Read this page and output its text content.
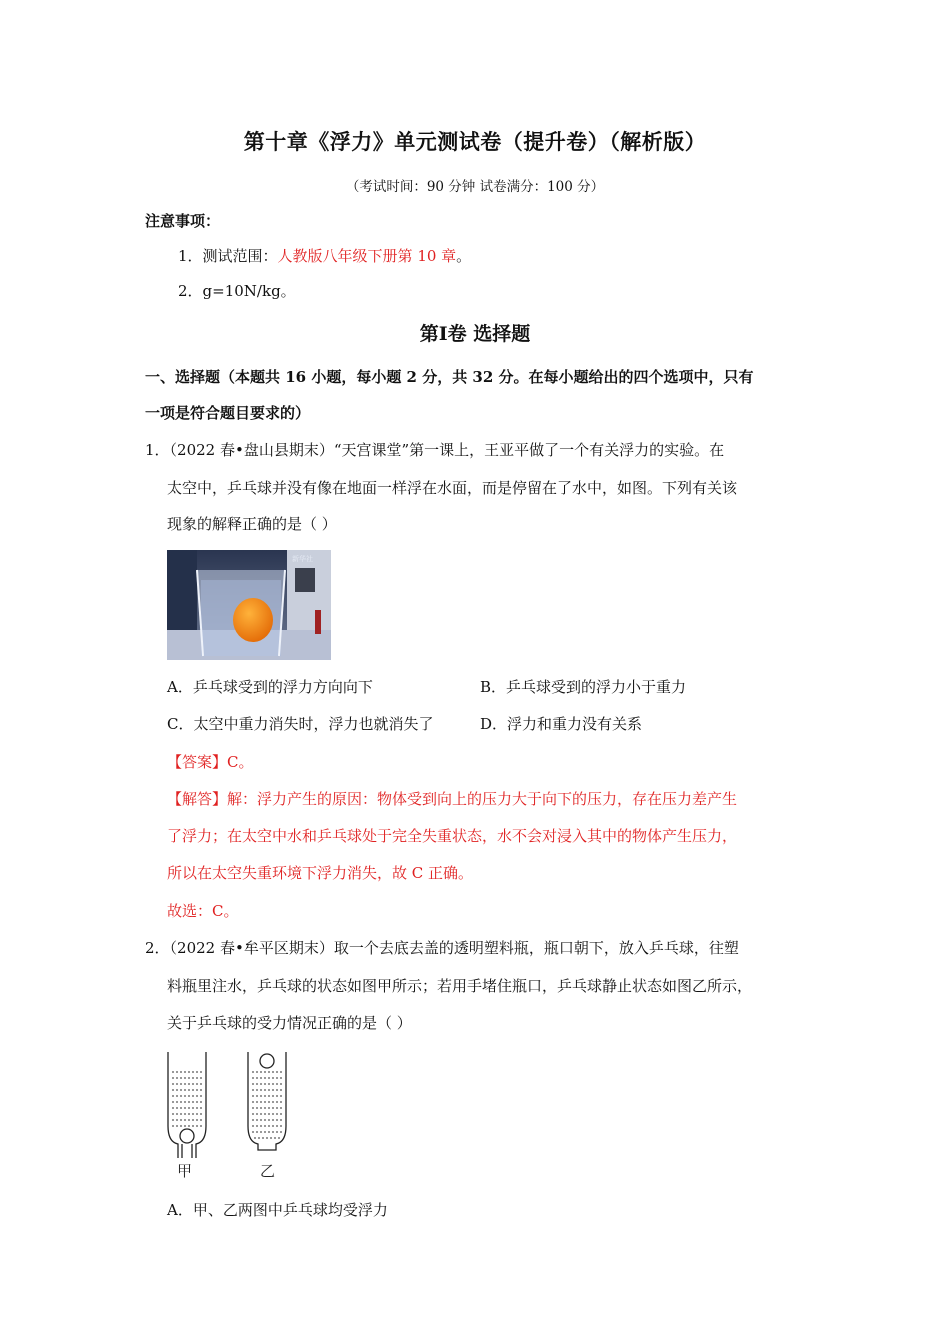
第十章《浮力》单元测试卷（提升卷）（解析版）
（考试时间：90 分钟 试卷满分：100 分）
注意事项：
1．测试范围：人教版八年级下册第 10 章。
2．g=10N/kg。
第Ⅰ卷 选择题
一、选择题（本题共 16 小题，每小题 2 分，共 32 分。在每小题给出的四个选项中，只有
一项是符合题目要求的）
1．（2022 春•盘山县期末）“天宫课堂”第一课上，王亚平做了一个有关浮力的实验。在
太空中，乒乓球并没有像在地面一样浮在水面，而是停留在了水中，如图。下列有关该
现象的解释正确的是（ ）
新华社
A．乒乓球受到的浮力方向向下	B．乒乓球受到的浮力小于重力
C．太空中重力消失时，浮力也就消失了	D．浮力和重力没有关系
【答案】C。
【解答】解：浮力产生的原因：物体受到向上的压力大于向下的压力，存在压力差产生
了浮力；在太空中水和乒乓球处于完全失重状态，水不会对浸入其中的物体产生压力，
所以在太空失重环境下浮力消失，故 C 正确。
故选：C。
2．（2022 春•牟平区期末）取一个去底去盖的透明塑料瓶，瓶口朝下，放入乒乓球，往塑
料瓶里注水，乒乓球的状态如图甲所示；若用手堵住瓶口，乒乓球静止状态如图乙所示，
关于乒乓球的受力情况正确的是（ ）
甲	乙
A．甲、乙两图中乒乓球均受浮力
